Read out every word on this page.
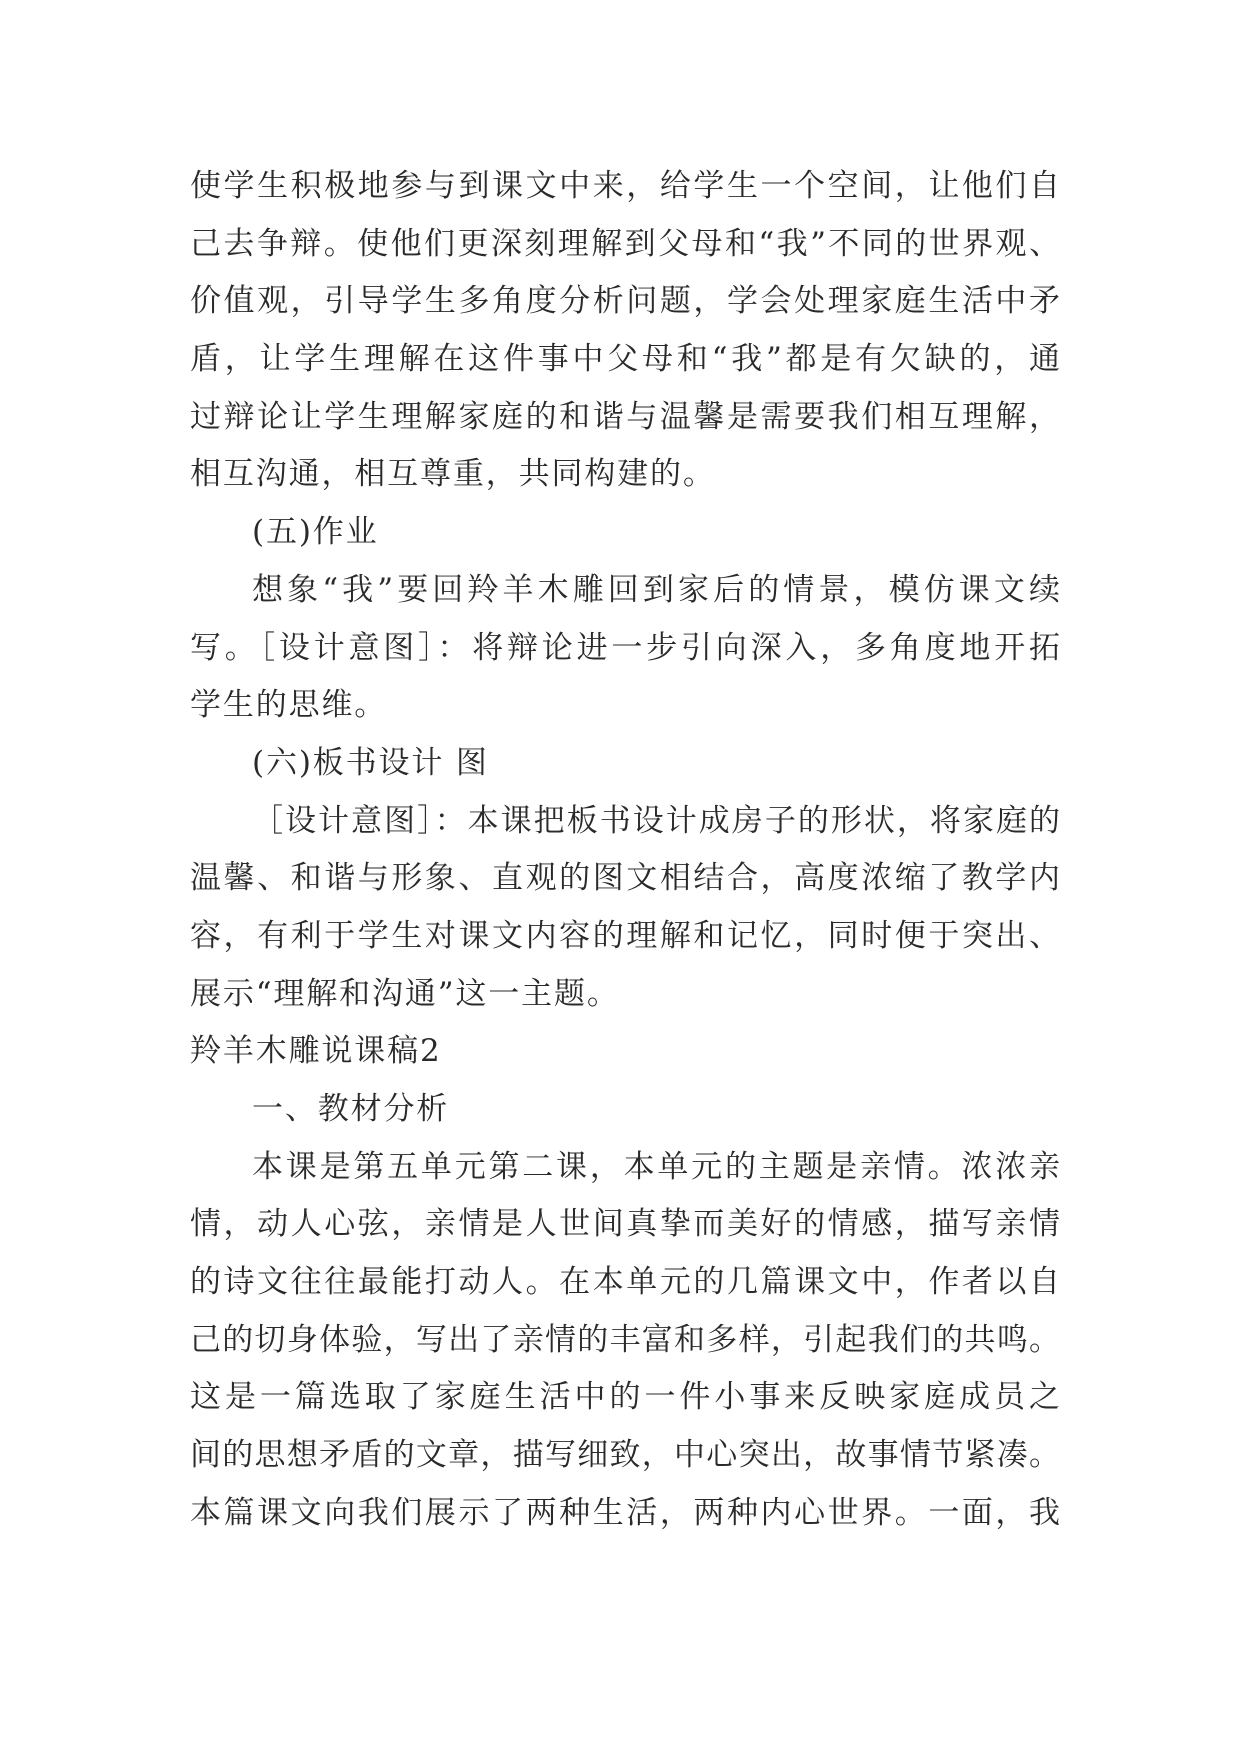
使学生积极地参与到课文中来，给学生一个空间，让他们自
己去争辩。使他们更深刻理解到父母和“我”不同的世界观、
价值观，引导学生多角度分析问题，学会处理家庭生活中矛
盾，让学生理解在这件事中父母和“我”都是有欠缺的，通
过辩论让学生理解家庭的和谐与温馨是需要我们相互理解，
相互沟通，相互尊重，共同构建的。
(五)作业
想象“我”要回羚羊木雕回到家后的情景，模仿课文续
写。［设计意图］：将辩论进一步引向深入，多角度地开拓
学生的思维。
(六)板书设计 图
［设计意图］：本课把板书设计成房子的形状，将家庭的
温馨、和谐与形象、直观的图文相结合，高度浓缩了教学内
容，有利于学生对课文内容的理解和记忆，同时便于突出、
展示“理解和沟通”这一主题。
羚羊木雕说课稿2
一、教材分析
本课是第五单元第二课，本单元的主题是亲情。浓浓亲
情，动人心弦，亲情是人世间真挚而美好的情感，描写亲情
的诗文往往最能打动人。在本单元的几篇课文中，作者以自
己的切身体验，写出了亲情的丰富和多样，引起我们的共鸣。
这是一篇选取了家庭生活中的一件小事来反映家庭成员之
间的思想矛盾的文章，描写细致，中心突出，故事情节紧凑。
本篇课文向我们展示了两种生活，两种内心世界。一面，我
